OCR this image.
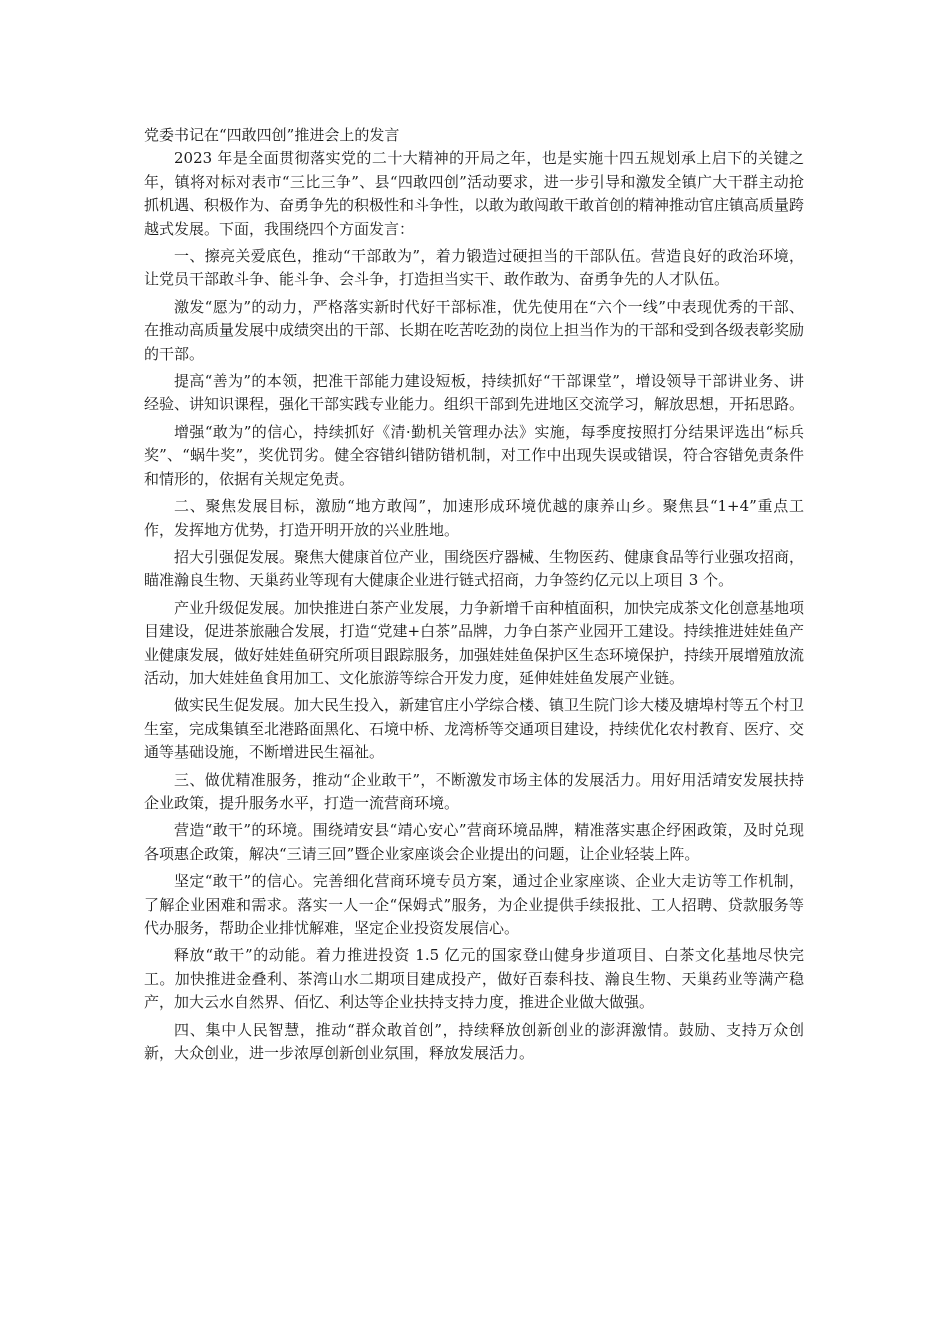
党委书记在“四敢四创”推进会上的发言

2023 年是全面贯彻落实党的二十大精神的开局之年，也是实施十四五规划承上启下的关键之年，镇将对标对表市“三比三争”、县“四敢四创”活动要求，进一步引导和激发全镇广大干群主动抢抓机遇、积极作为、奋勇争先的积极性和斗争性，以敢为敢闯敢干敢首创的精神推动官庄镇高质量跨越式发展。下面，我围绕四个方面发言：

一、擦亮关爱底色，推动“干部敢为”，着力锻造过硬担当的干部队伍。营造良好的政治环境，让党员干部敢斗争、能斗争、会斗争，打造担当实干、敢作敢为、奋勇争先的人才队伍。

激发“愿为”的动力，严格落实新时代好干部标准，优先使用在“六个一线”中表现优秀的干部、在推动高质量发展中成绩突出的干部、长期在吃苦吃劲的岗位上担当作为的干部和受到各级表彰奖励的干部。

提高“善为”的本领，把准干部能力建设短板，持续抓好“干部课堂”，增设领导干部讲业务、讲经验、讲知识课程，强化干部实践专业能力。组织干部到先进地区交流学习，解放思想，开拓思路。

增强“敢为”的信心，持续抓好《清·勤机关管理办法》实施，每季度按照打分结果评选出“标兵奖”、“蜗牛奖”，奖优罚劣。健全容错纠错防错机制，对工作中出现失误或错误，符合容错免责条件和情形的，依据有关规定免责。

二、聚焦发展目标，激励“地方敢闯”，加速形成环境优越的康养山乡。聚焦县“1+4”重点工作，发挥地方优势，打造开明开放的兴业胜地。

招大引强促发展。聚焦大健康首位产业，围绕医疗器械、生物医药、健康食品等行业强攻招商，瞄准瀚良生物、天巢药业等现有大健康企业进行链式招商，力争签约亿元以上项目 3 个。

产业升级促发展。加快推进白茶产业发展，力争新增千亩种植面积，加快完成茶文化创意基地项目建设，促进茶旅融合发展，打造“党建+白茶”品牌，力争白茶产业园开工建设。持续推进娃娃鱼产业健康发展，做好娃娃鱼研究所项目跟踪服务，加强娃娃鱼保护区生态环境保护，持续开展增殖放流活动，加大娃娃鱼食用加工、文化旅游等综合开发力度，延伸娃娃鱼发展产业链。

做实民生促发展。加大民生投入，新建官庄小学综合楼、镇卫生院门诊大楼及塘埠村等五个村卫生室，完成集镇至北港路面黑化、石境中桥、龙湾桥等交通项目建设，持续优化农村教育、医疗、交通等基础设施，不断增进民生福祉。

三、做优精准服务，推动“企业敢干”，不断激发市场主体的发展活力。用好用活靖安发展扶持企业政策，提升服务水平，打造一流营商环境。

营造“敢干”的环境。围绕靖安县“靖心安心”营商环境品牌，精准落实惠企纾困政策，及时兑现各项惠企政策，解决“三请三回”暨企业家座谈会企业提出的问题，让企业轻装上阵。

坚定“敢干”的信心。完善细化营商环境专员方案，通过企业家座谈、企业大走访等工作机制，了解企业困难和需求。落实一人一企“保姆式”服务，为企业提供手续报批、工人招聘、贷款服务等代办服务，帮助企业排忧解难，坚定企业投资发展信心。

释放“敢干”的动能。着力推进投资 1.5 亿元的国家登山健身步道项目、白茶文化基地尽快完工。加快推进金叠利、茶湾山水二期项目建成投产，做好百泰科技、瀚良生物、天巢药业等满产稳产，加大云水自然界、佰忆、利达等企业扶持支持力度，推进企业做大做强。

四、集中人民智慧，推动“群众敢首创”，持续释放创新创业的澎湃激情。鼓励、支持万众创新，大众创业，进一步浓厚创新创业氛围，释放发展活力。
